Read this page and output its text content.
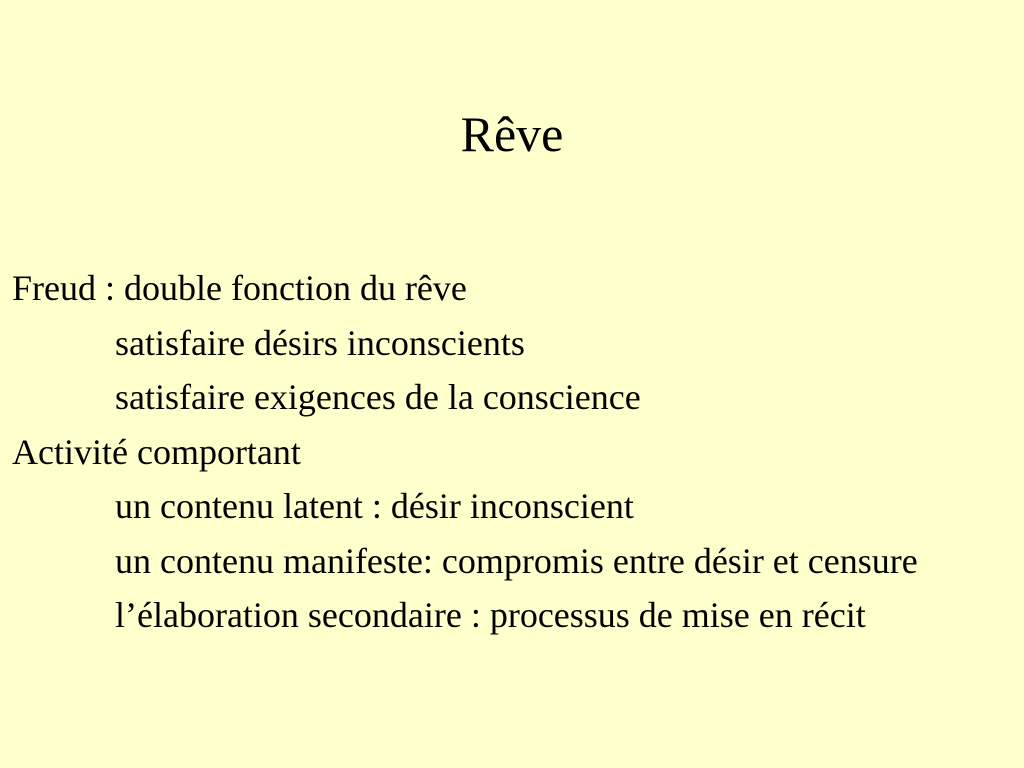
Rêve
Freud : double fonction du rêve
satisfaire désirs inconscients
satisfaire exigences de la conscience
Activité comportant
un contenu latent : désir inconscient
un contenu manifeste: compromis entre désir et censure
l’élaboration secondaire : processus de mise en récit
